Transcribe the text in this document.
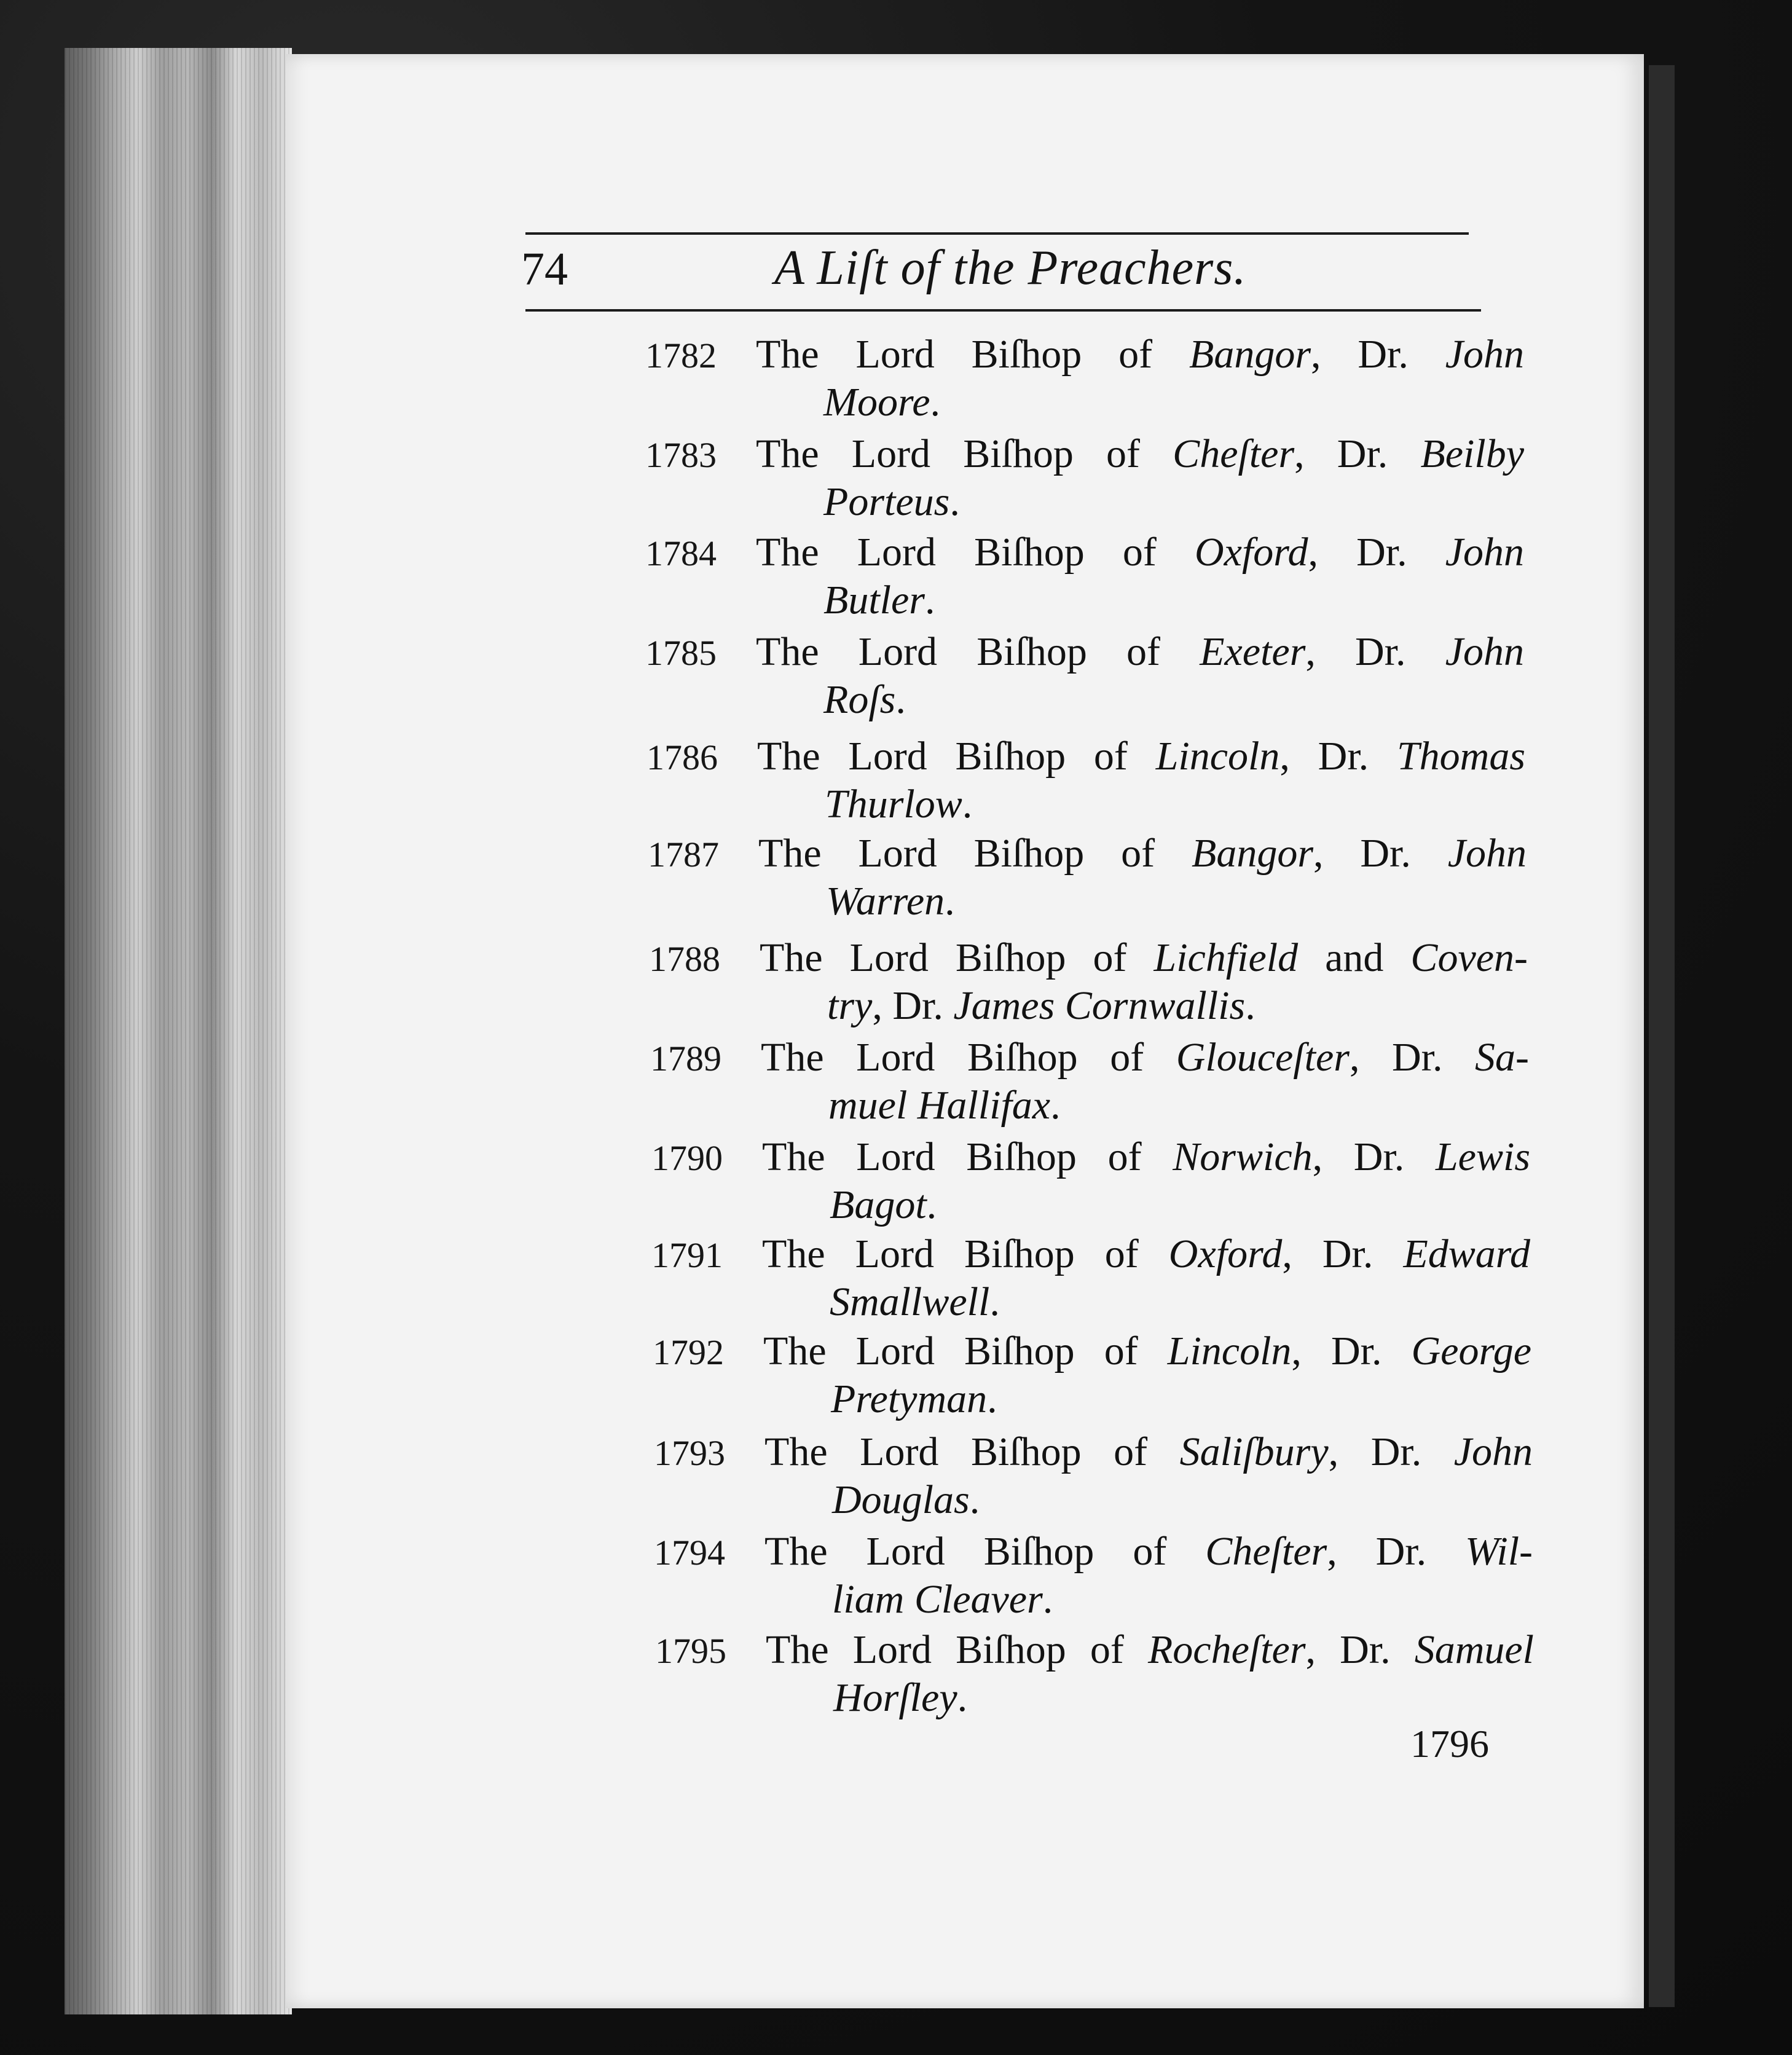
74	A Liſt of the Preachers.
1782 The Lord Biſhop of Bangor, Dr. John
Moore.
1783 The Lord Biſhop of Cheſter, Dr. Beilby
Porteus.
1784 The Lord Biſhop of Oxford, Dr. John
Butler.
1785 The Lord Biſhop of Exeter, Dr. John
Roſs.
1786 The Lord Biſhop of Lincoln, Dr. Thomas
Thurlow.
1787 The Lord Biſhop of Bangor, Dr. John
Warren.
1788 The Lord Biſhop of Lichfield and Coven-
try, Dr. James Cornwallis.
1789 The Lord Biſhop of Glouceſter, Dr. Sa-
muel Hallifax.
1790 The Lord Biſhop of Norwich, Dr. Lewis
Bagot.
1791 The Lord Biſhop of Oxford, Dr. Edward
Smallwell.
1792 The Lord Biſhop of Lincoln, Dr. George
Pretyman.
1793 The Lord Biſhop of Saliſbury, Dr. John
Douglas.
1794 The Lord Biſhop of Cheſter, Dr. Wil-
liam Cleaver.
1795 The Lord Biſhop of Rocheſter, Dr. Samuel
Horſley.
1796
